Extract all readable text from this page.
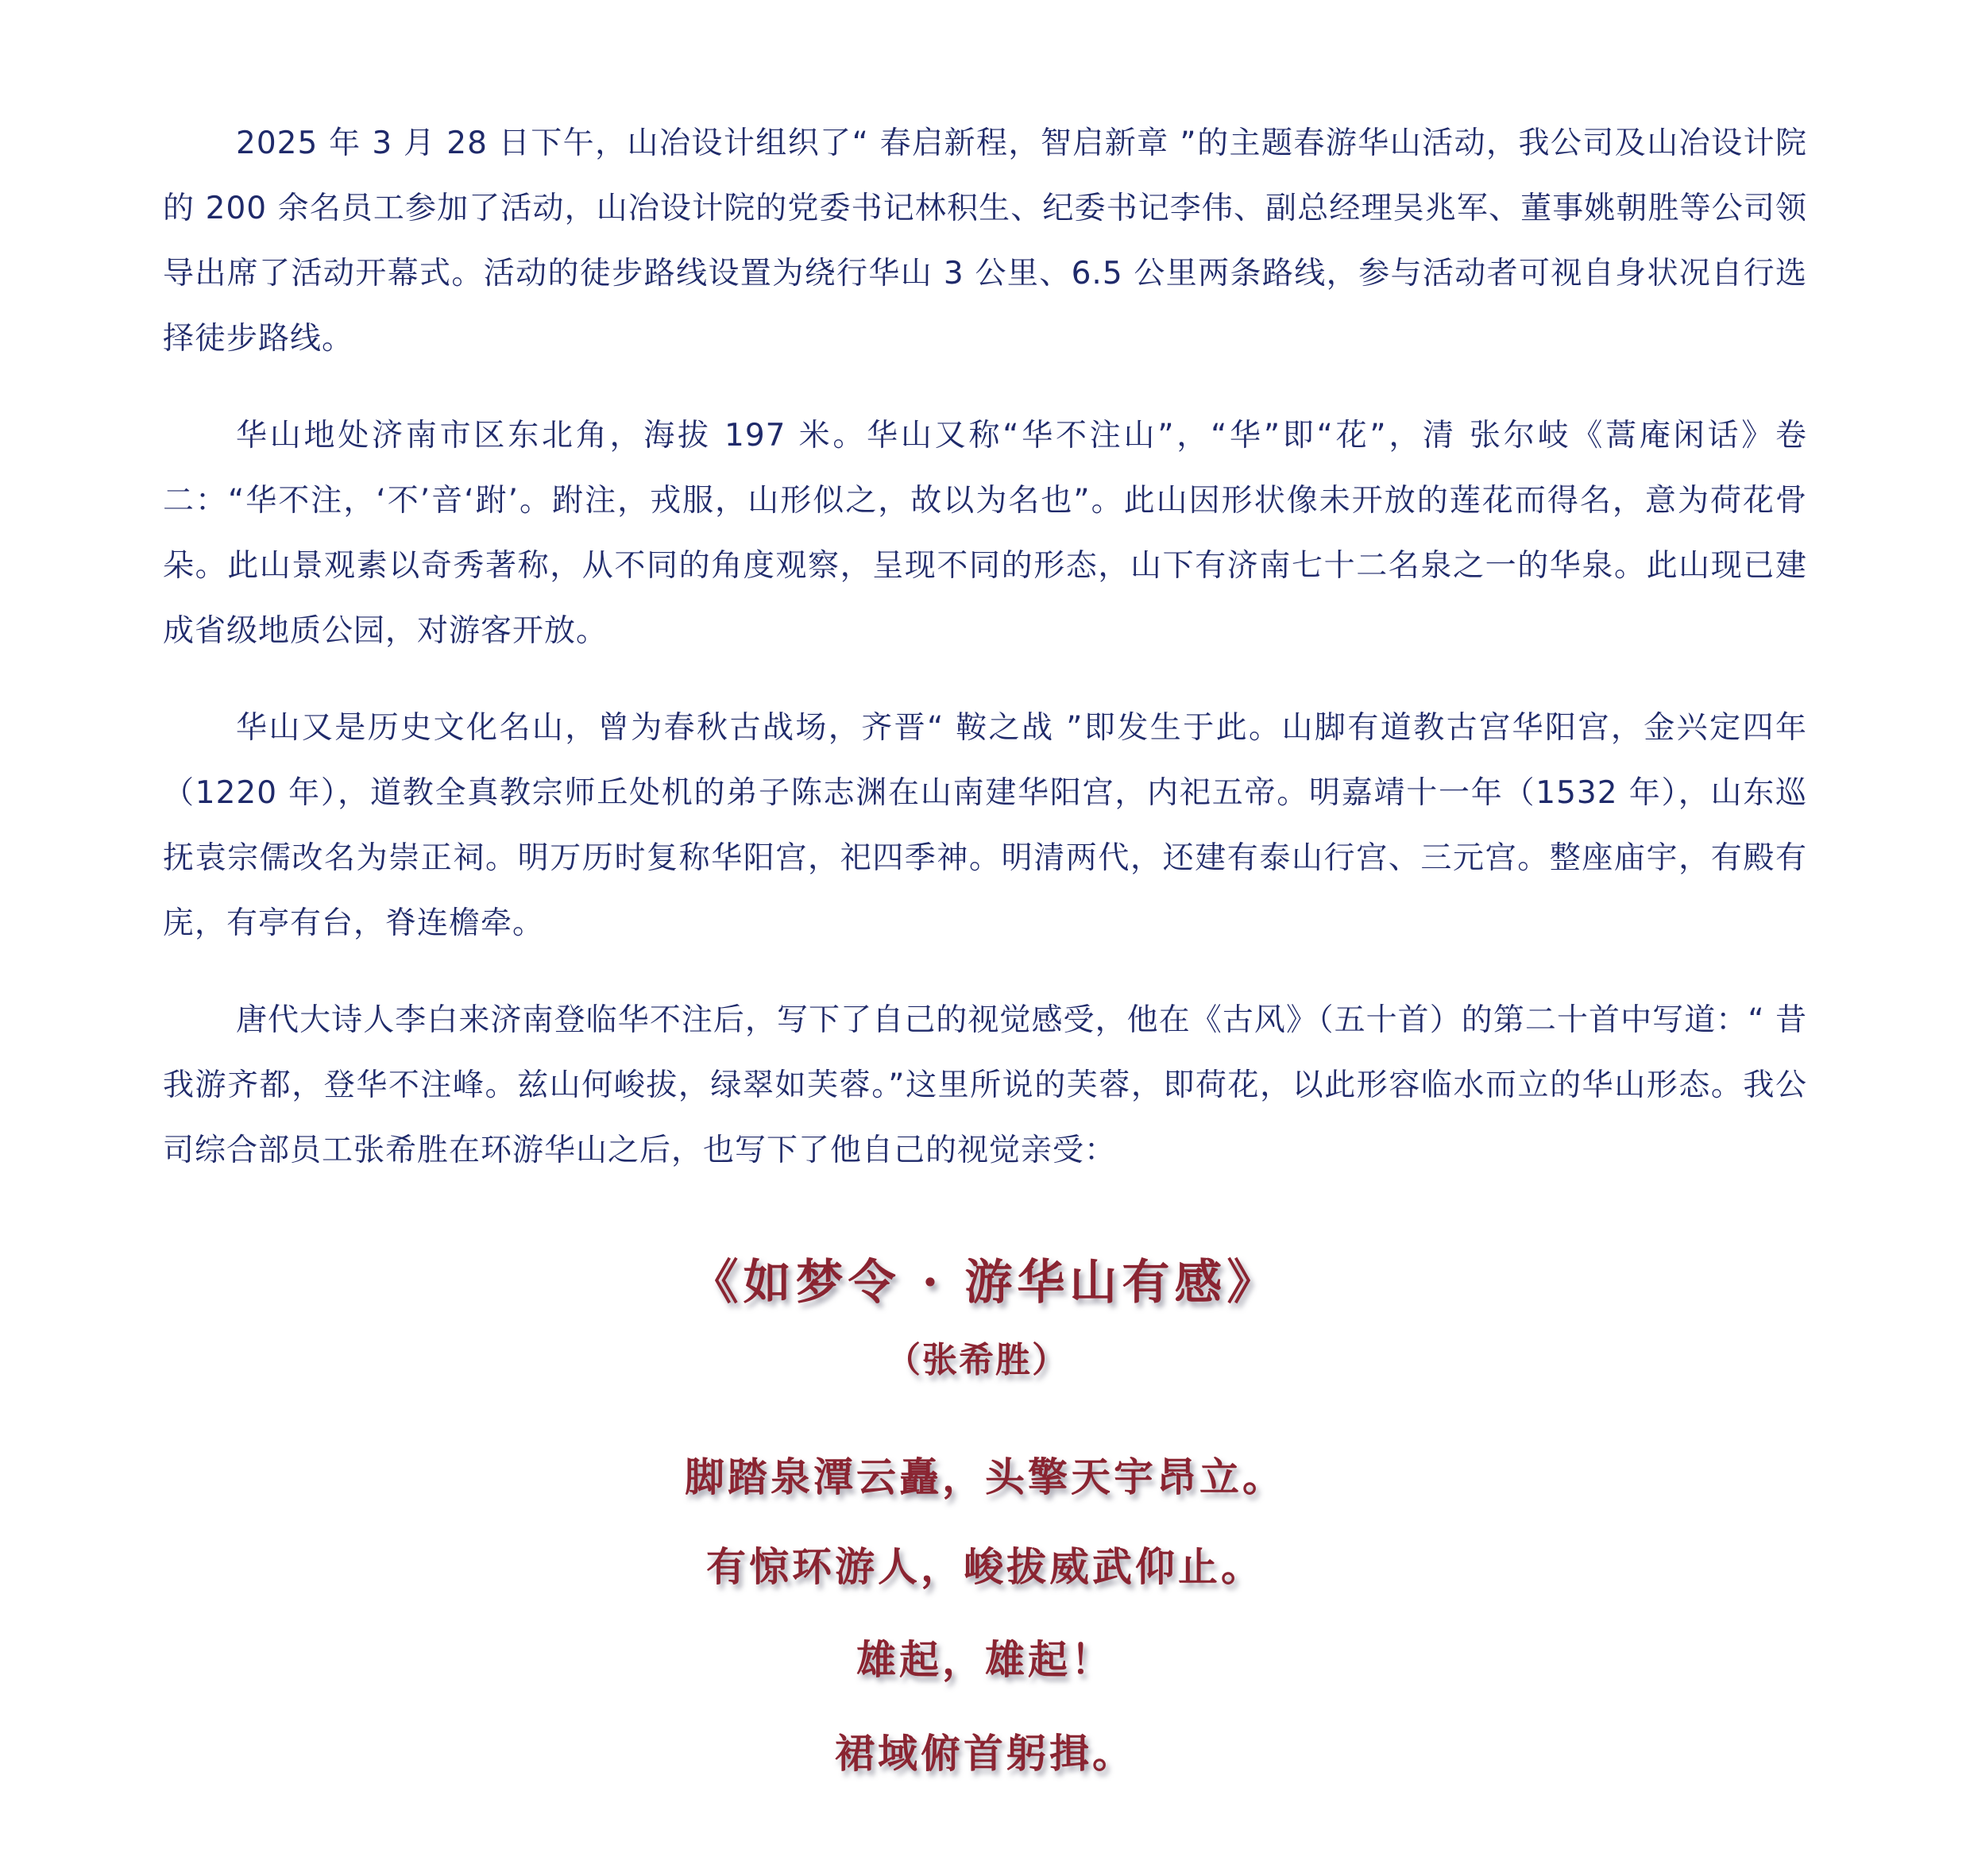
2025 年 3 月 28 日下午，山冶设计组织了“ 春启新程，智启新章 ”的主题春游华山活动，我公司及山冶设计院的 200 余名员工参加了活动，山冶设计院的党委书记林积生、纪委书记李伟、副总经理吴兆军、董事姚朝胜等公司领导出席了活动开幕式。活动的徒步路线设置为绕行华山 3 公里、6.5 公里两条路线，参与活动者可视自身状况自行选择徒步路线。

华山地处济南市区东北角，海拔 197 米。华山又称“华不注山”，“华”即“花”，清 张尔岐《蒿庵闲话》卷二：“华不注，‘不’音‘跗’。跗注，戎服，山形似之，故以为名也”。此山因形状像未开放的莲花而得名，意为荷花骨朵。此山景观素以奇秀著称，从不同的角度观察，呈现不同的形态，山下有济南七十二名泉之一的华泉。此山现已建成省级地质公园，对游客开放。

华山又是历史文化名山，曾为春秋古战场，齐晋“ 鞍之战 ”即发生于此。山脚有道教古宫华阳宫，金兴定四年（1220 年），道教全真教宗师丘处机的弟子陈志渊在山南建华阳宫，内祀五帝。明嘉靖十一年（1532 年），山东巡抚袁宗儒改名为崇正祠。明万历时复称华阳宫，祀四季神。明清两代，还建有泰山行宫、三元宫。整座庙宇，有殿有庑，有亭有台，脊连檐牵。

唐代大诗人李白来济南登临华不注后，写下了自己的视觉感受，他在《古风》（五十首）的第二十首中写道：“ 昔我游齐都，登华不注峰。兹山何峻拔，绿翠如芙蓉。”这里所说的芙蓉，即荷花，以此形容临水而立的华山形态。我公司综合部员工张希胜在环游华山之后，也写下了他自己的视觉亲受：

《如梦令 · 游华山有感》
（张希胜）
脚踏泉潭云矗，头擎天宇昂立。
有惊环游人，峻拔威武仰止。
雄起，雄起！
裙域俯首躬揖。
